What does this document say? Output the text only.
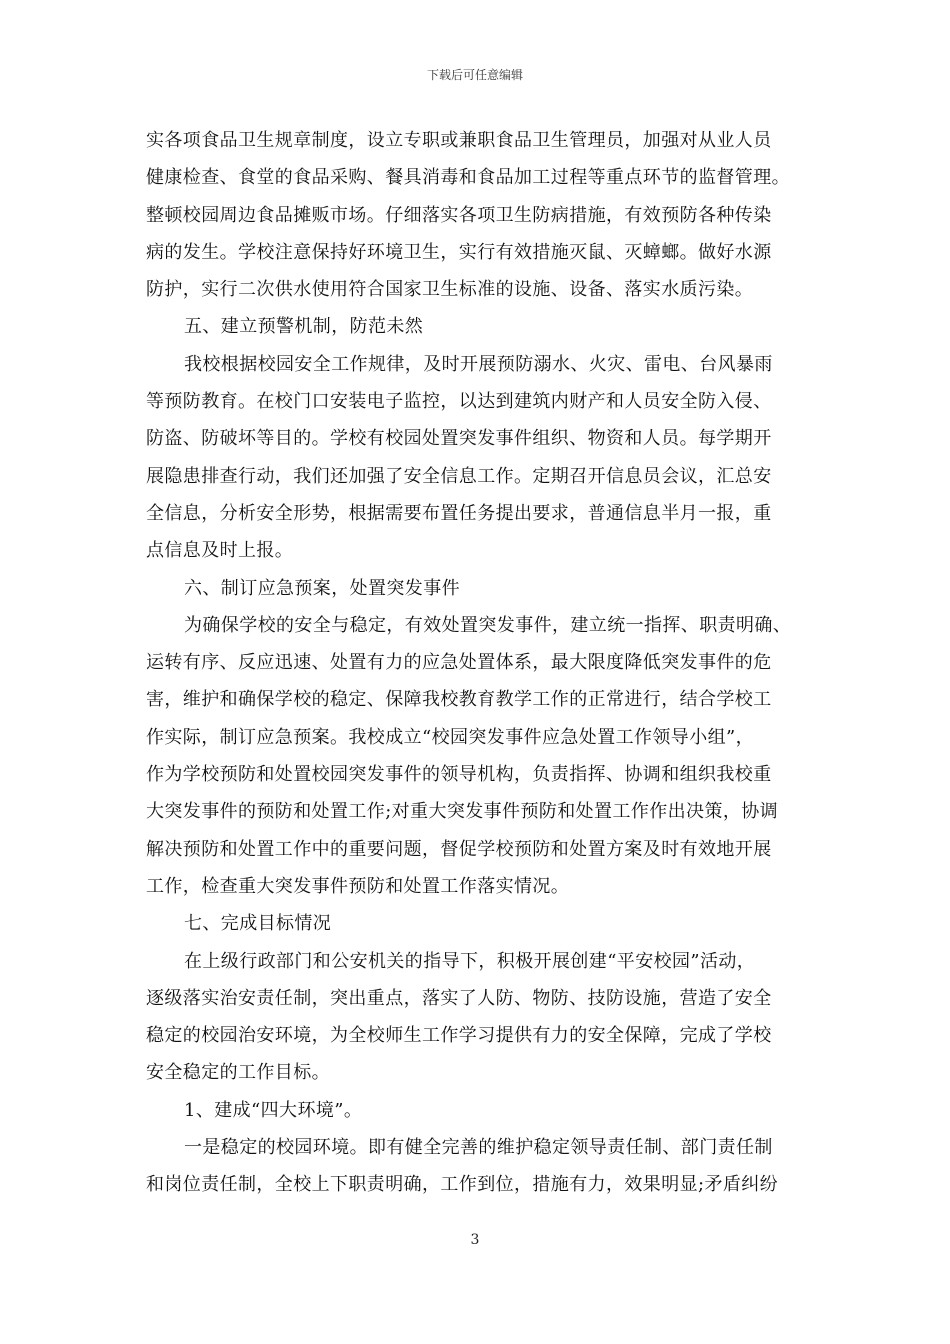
下载后可任意编辑
实各项食品卫生规章制度，设立专职或兼职食品卫生管理员，加强对从业人员
健康检查、食堂的食品采购、餐具消毒和食品加工过程等重点环节的监督管理。
整顿校园周边食品摊贩市场。仔细落实各项卫生防病措施，有效预防各种传染
病的发生。学校注意保持好环境卫生，实行有效措施灭鼠、灭蟑螂。做好水源
防护，实行二次供水使用符合国家卫生标准的设施、设备、落实水质污染。
五、建立预警机制，防范未然
我校根据校园安全工作规律，及时开展预防溺水、火灾、雷电、台风暴雨
等预防教育。在校门口安装电子监控，以达到建筑内财产和人员安全防入侵、
防盗、防破坏等目的。学校有校园处置突发事件组织、物资和人员。每学期开
展隐患排查行动，我们还加强了安全信息工作。定期召开信息员会议，汇总安
全信息，分析安全形势，根据需要布置任务提出要求，普通信息半月一报，重
点信息及时上报。
六、制订应急预案，处置突发事件
为确保学校的安全与稳定，有效处置突发事件，建立统一指挥、职责明确、
运转有序、反应迅速、处置有力的应急处置体系，最大限度降低突发事件的危
害，维护和确保学校的稳定、保障我校教育教学工作的正常进行，结合学校工
作实际，制订应急预案。我校成立“校园突发事件应急处置工作领导小组”，
作为学校预防和处置校园突发事件的领导机构，负责指挥、协调和组织我校重
大突发事件的预防和处置工作;对重大突发事件预防和处置工作作出决策，协调
解决预防和处置工作中的重要问题，督促学校预防和处置方案及时有效地开展
工作，检查重大突发事件预防和处置工作落实情况。
七、完成目标情况
在上级行政部门和公安机关的指导下，积极开展创建“平安校园”活动，
逐级落实治安责任制，突出重点，落实了人防、物防、技防设施，营造了安全
稳定的校园治安环境，为全校师生工作学习提供有力的安全保障，完成了学校
安全稳定的工作目标。
1、建成“四大环境”。
一是稳定的校园环境。即有健全完善的维护稳定领导责任制、部门责任制
和岗位责任制，全校上下职责明确，工作到位，措施有力，效果明显;矛盾纠纷
3
